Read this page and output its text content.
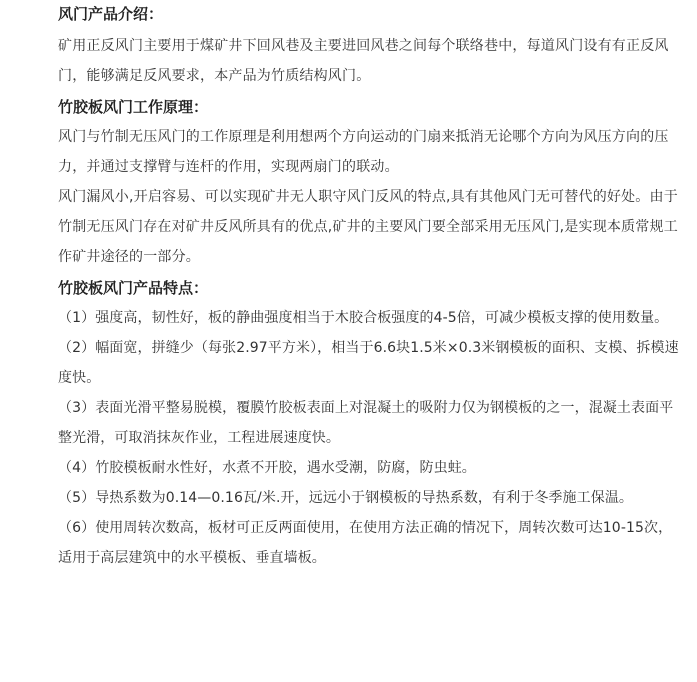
风门产品介绍：

矿用正反风门主要用于煤矿井下回风巷及主要进回风巷之间每个联络巷中，每道风门设有有正反风门，能够满足反风要求，本产品为竹质结构风门。

竹胶板风门工作原理：

风门与竹制无压风门的工作原理是利用想两个方向运动的门扇来抵消无论哪个方向为风压方向的压力，并通过支撑臂与连杆的作用，实现两扇门的联动。

风门漏风小,开启容易、可以实现矿井无人职守风门反风的特点,具有其他风门无可替代的好处。由于竹制无压风门存在对矿井反风所具有的优点,矿井的主要风门要全部采用无压风门,是实现本质常规工作矿井途径的一部分。

竹胶板风门产品特点：

（1）强度高，韧性好，板的静曲强度相当于木胶合板强度的4-5倍，可减少模板支撑的使用数量。

（2）幅面宽，拼缝少（每张2.97平方米），相当于6.6块1.5米×0.3米钢模板的面积、支模、拆模速度快。

（3）表面光滑平整易脱模，覆膜竹胶板表面上对混凝土的吸附力仅为钢模板的之一，混凝土表面平整光滑，可取消抹灰作业，工程进展速度快。

（4）竹胶模板耐水性好，水煮不开胶，遇水受潮，防腐，防虫蛀。

（5）导热系数为0.14—0.16瓦/米.开，远远小于钢模板的导热系数，有利于冬季施工保温。

（6）使用周转次数高，板材可正反两面使用，在使用方法正确的情况下，周转次数可达10-15次，适用于高层建筑中的水平模板、垂直墙板。
